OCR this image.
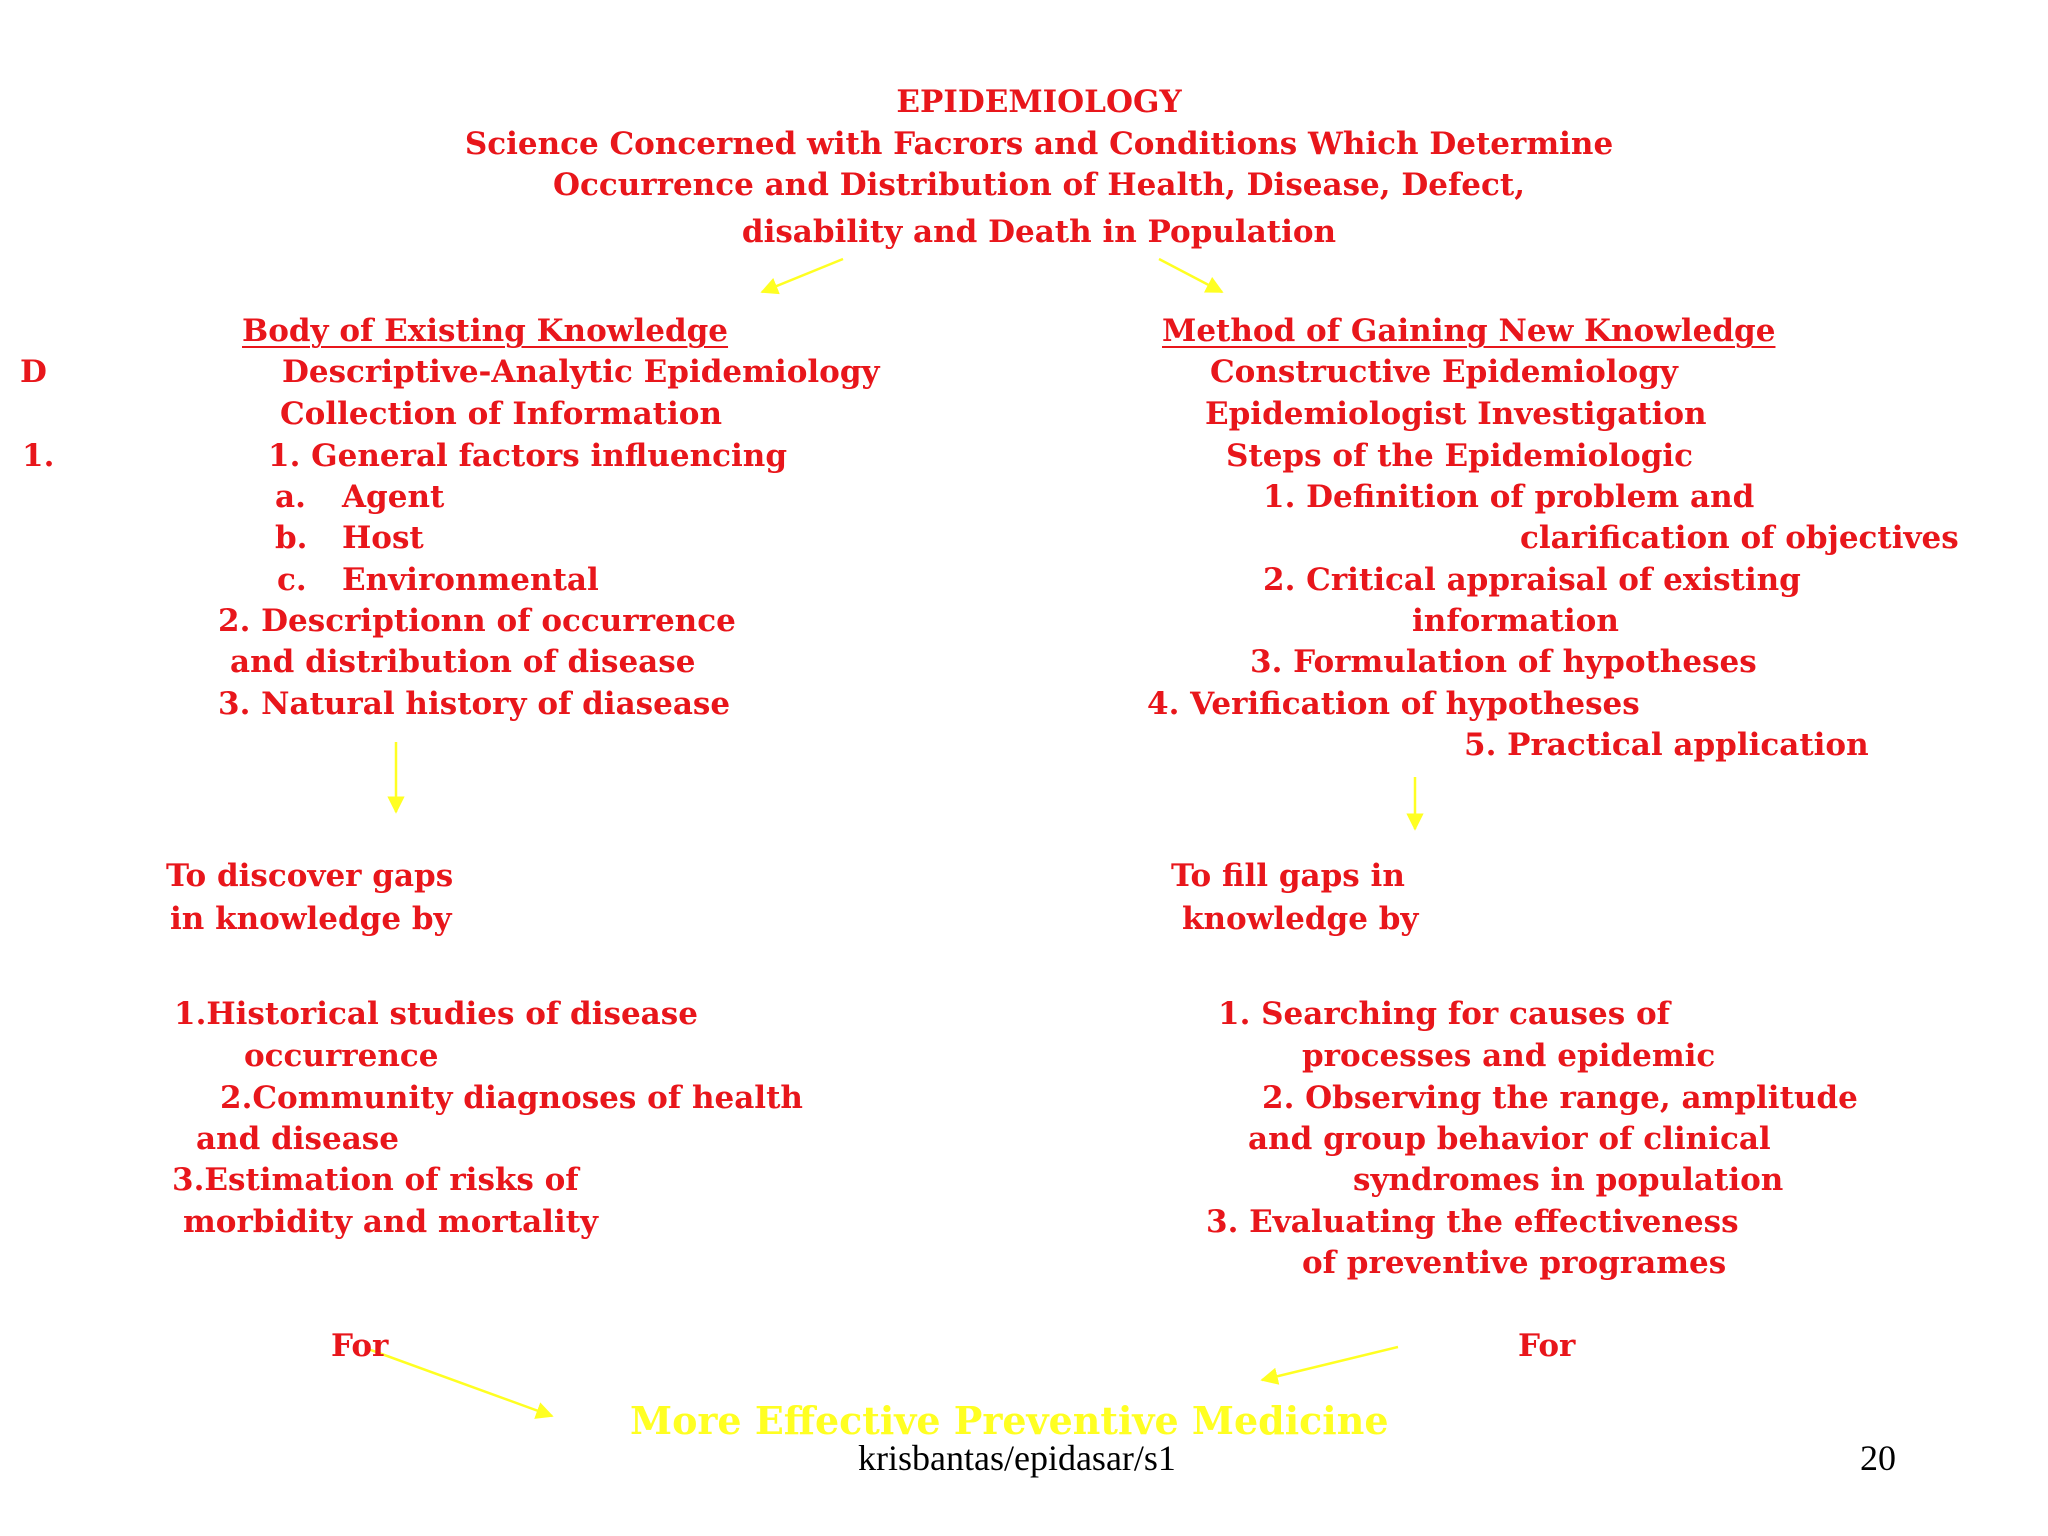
EPIDEMIOLOGY
Science Concerned with Facrors and Conditions Which Determine
Occurrence and Distribution of Health, Disease, Defect,
disability and Death in Population
D
1.
Body of Existing Knowledge
Descriptive-Analytic Epidemiology
Collection of Information
1. General factors influencing
a. Agent
b. Host
c. Environmental
2. Descriptionn of occurrence
and distribution of disease
3. Natural history of diasease
To discover gaps
in knowledge by
1.Historical studies of disease
occurrence
2.Community diagnoses of health
and disease
3.Estimation of risks of
morbidity and mortality
For
Method of Gaining New Knowledge
Constructive Epidemiology
Epidemiologist Investigation
Steps of the Epidemiologic
1. Definition of problem and
clarification of objectives
2. Critical appraisal of existing
information
3. Formulation of hypotheses
4. Verification of hypotheses
5. Practical application
To fill gaps in
knowledge by
1. Searching for causes of
processes and epidemic
2. Observing the range, amplitude
and group behavior of clinical
syndromes in population
3. Evaluating the effectiveness
of preventive programes
For
More Effective Preventive Medicine
krisbantas/epidasar/s1	20
